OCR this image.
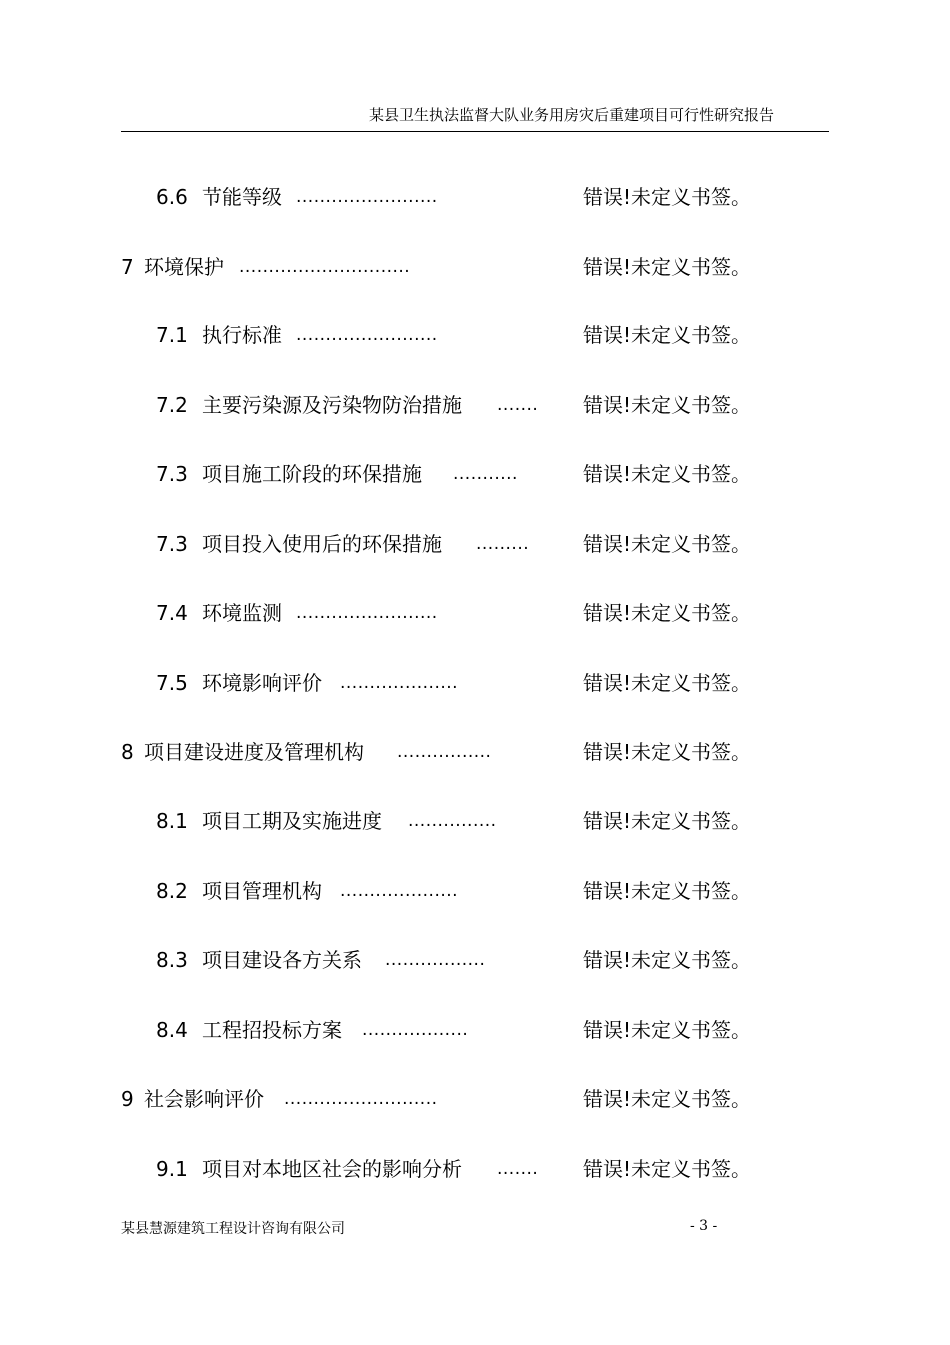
某县卫生执法监督大队业务用房灾后重建项目可行性研究报告
6.6 节能等级 ........................	错误!未定义书签。
7 环境保护 .............................	错误!未定义书签。
7.1 执行标准 ........................	错误!未定义书签。
7.2 主要污染源及污染物防治措施 ....... 错误!未定义书签。
7.3 项目施工阶段的环保措施 ...........	错误!未定义书签。
7.3 项目投入使用后的环保措施 .........	错误!未定义书签。
7.4 环境监测 ........................	错误!未定义书签。
7.5 环境影响评价 ....................	错误!未定义书签。
8 项目建设进度及管理机构 ................	错误!未定义书签。
8.1 项目工期及实施进度 ...............	错误!未定义书签。
8.2 项目管理机构 ....................	错误!未定义书签。
8.3 项目建设各方关系 .................	错误!未定义书签。
8.4 工程招投标方案 ..................	错误!未定义书签。
9 社会影响评价 ..........................	错误!未定义书签。
9.1 项目对本地区社会的影响分析 ....... 错误!未定义书签。
某县慧源建筑工程设计咨询有限公司	- 3 -
